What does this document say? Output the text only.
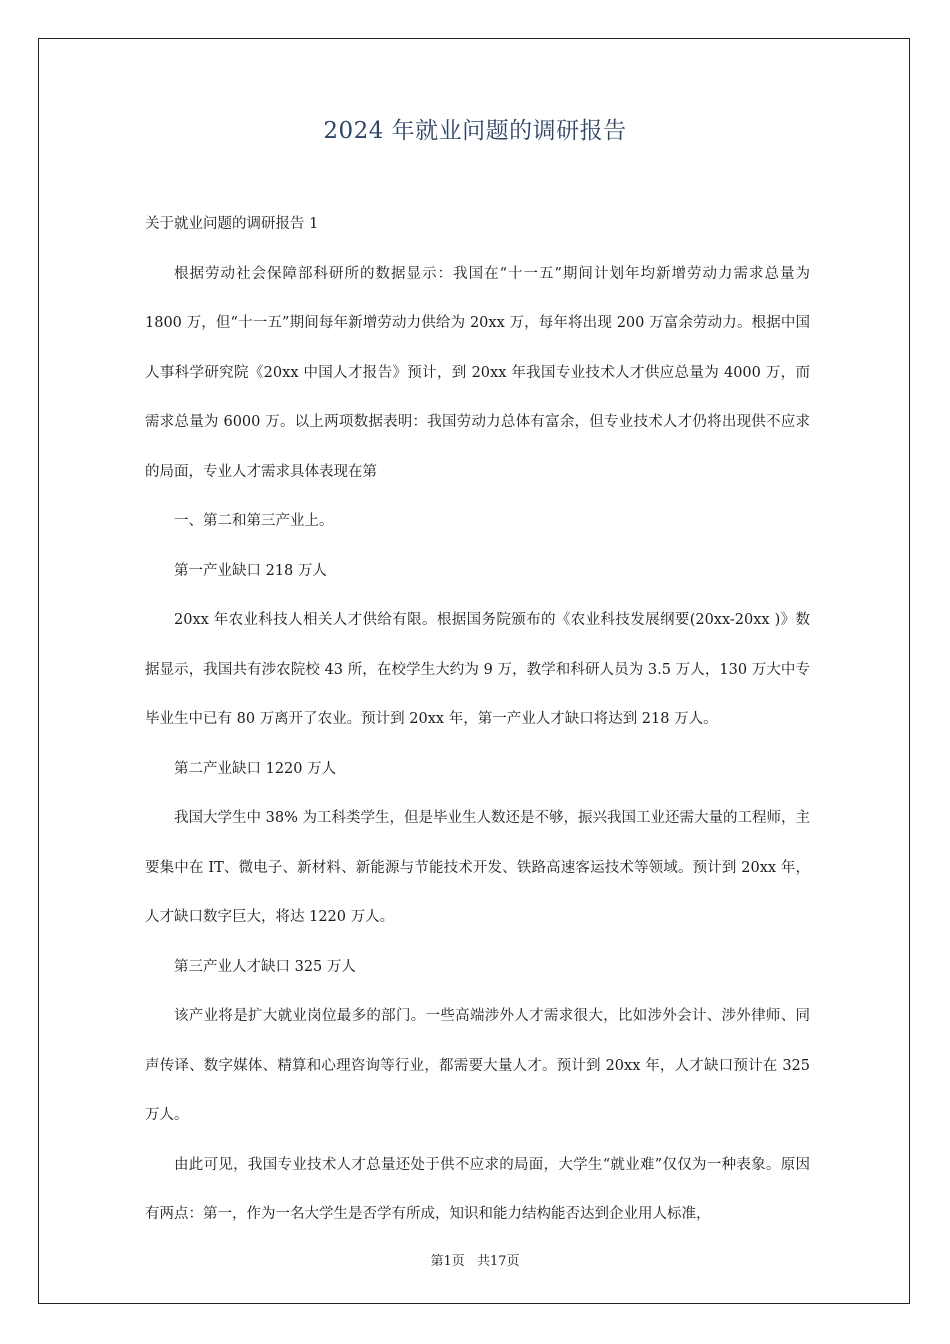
2024 年就业问题的调研报告

关于就业问题的调研报告 1

根据劳动社会保障部科研所的数据显示：我国在“十一五”期间计划年均新增劳动力需求总量为 1800 万，但“十一五”期间每年新增劳动力供给为 20xx 万，每年将出现 200 万富余劳动力。根据中国人事科学研究院《20xx 中国人才报告》预计，到 20xx 年我国专业技术人才供应总量为 4000 万，而需求总量为 6000 万。以上两项数据表明：我国劳动力总体有富余，但专业技术人才仍将出现供不应求的局面，专业人才需求具体表现在第

一、第二和第三产业上。

第一产业缺口 218 万人

20xx 年农业科技人相关人才供给有限。根据国务院颁布的《农业科技发展纲要(20xx-20xx )》数据显示，我国共有涉农院校 43 所，在校学生大约为 9 万，教学和科研人员为 3.5 万人，130 万大中专毕业生中已有 80 万离开了农业。预计到 20xx 年，第一产业人才缺口将达到 218 万人。

第二产业缺口 1220 万人

我国大学生中 38% 为工科类学生，但是毕业生人数还是不够，振兴我国工业还需大量的工程师，主要集中在 IT、微电子、新材料、新能源与节能技术开发、铁路高速客运技术等领域。预计到 20xx 年，人才缺口数字巨大，将达 1220 万人。

第三产业人才缺口 325 万人

该产业将是扩大就业岗位最多的部门。一些高端涉外人才需求很大，比如涉外会计、涉外律师、同声传译、数字媒体、精算和心理咨询等行业，都需要大量人才。预计到 20xx 年，人才缺口预计在 325 万人。

由此可见，我国专业技术人才总量还处于供不应求的局面，大学生“就业难”仅仅为一种表象。原因有两点：第一，作为一名大学生是否学有所成，知识和能力结构能否达到企业用人标准，

第1页 共17页
